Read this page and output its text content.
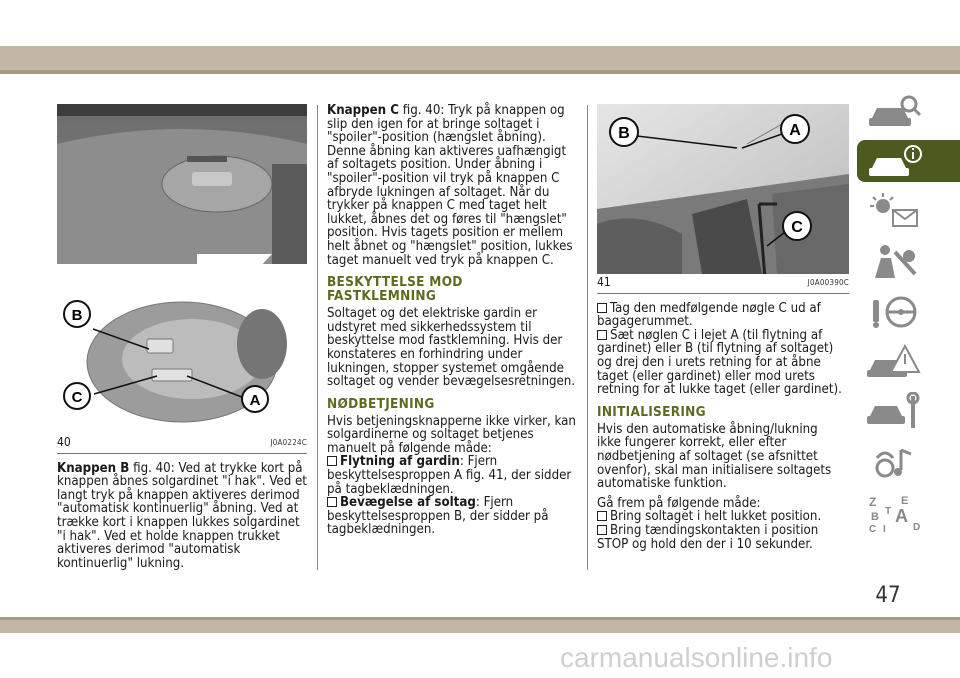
B
C	A
40	J0A0224C

Knappen B fig. 40: Ved at trykke kort på
knappen åbnes solgardinet "i hak". Ved et
langt tryk på knappen aktiveres derimod
"automatisk kontinuerlig" åbning. Ved at
trække kort i knappen lukkes solgardinet
"i hak". Ved et holde knappen trukket
aktiveres derimod "automatisk
kontinuerlig" lukning.

Knappen C fig. 40: Tryk på knappen og
slip den igen for at bringe soltaget i
"spoiler"-position (hængslet åbning).
Denne åbning kan aktiveres uafhængigt
af soltagets position. Under åbning i
"spoiler"-position vil tryk på knappen C
afbryde lukningen af soltaget. Når du
trykker på knappen C med taget helt
lukket, åbnes det og føres til "hængslet"
position. Hvis tagets position er mellem
helt åbnet og "hængslet" position, lukkes
taget manuelt ved tryk på knappen C.

BESKYTTELSE MOD
FASTKLEMNING

Soltaget og det elektriske gardin er
udstyret med sikkerhedssystem til
beskyttelse mod fastklemning. Hvis der
konstateres en forhindring under
lukningen, stopper systemet omgående
soltaget og vender bevægelsesretningen.

NØDBETJENING

Hvis betjeningsknapperne ikke virker, kan
solgardinerne og soltaget betjenes
manuelt på følgende måde:

Flytning af gardin: Fjern
beskyttelsesproppen A fig. 41, der sidder
på tagbeklædningen.

Bevægelse af soltag: Fjern
beskyttelsesproppen B, der sidder på
tagbeklædningen.

B	A
C
41	J0A00390C

Tag den medfølgende nøgle C ud af
bagagerummet.

Sæt nøglen C i lejet A (til flytning af
gardinet) eller B (til flytning af soltaget)
og drej den i urets retning for at åbne
taget (eller gardinet) eller mod urets
retning for at lukke taget (eller gardinet).

INITIALISERING

Hvis den automatiske åbning/lukning
ikke fungerer korrekt, eller efter
nødbetjening af soltaget (se afsnittet
ovenfor), skal man initialisere soltagets
automatiske funktion.

Gå frem på følgende måde:

Bring soltaget i helt lukket position.

Bring tændingskontakten i position
STOP og hold den der i 10 sekunder.

Z E
B A
I
C	D
T
47
carmanualsonline.info
